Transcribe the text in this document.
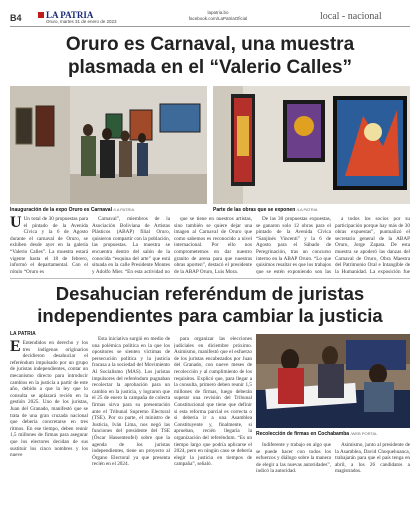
B4	LA PATRIA
Oruro, martes 31 de enero de 2023
lapatria.bo
facebook.com/LaPatriaOficial	local - nacional
Oruro es Carnaval, una muestra
plasmada en el “Valerio Calles”
Inauguración de la expo Oruro es Carnaval /LA PATRIA	Parte de las obras que se exponen /LA PATRIA

U Un total de 30 propuestas para el pintado de la Avenida Cívica y la 6 de Agosto durante el carnaval de Oruro, se exhiben desde ayer en la galería “Valerio Calles”. La muestra estará vigente hasta el 18 de febrero, informó el departamental. Con el rótulo “Oruro es

Carnaval”, miembros de la Asociación Boliviana de Artistas Plásticos (ABAP) filial Oruro, quisieron compartir con la población, las propuestas. La muestra se encuentra dentro del salón de la conocida “esquina del arte” que está situada en la calle Presidente Montes y Adolfo Mier. “En esta actividad no

que se tiene en nuestros artistas, sino también se quiere dejar una imagen al Carnaval de Oruro que como sabemos es reconocido a nivel internacional. Por ello nos comprometemos en dar nuestro granito de arena para que nuestras obras aporten”, destacó el presidente de la ABAP Oruro, Luis Mora.

De las 30 propuestas expuestas, se ganaron solo 12 obras para el pintado de la Avenida Cívica “Sanjinés Vincenti” y la 6 de Agosto para el Sábado de Peregrinación, tras un concurso interno en la ABAP Oruro. “Lo que quisimos resaltar es que los trabajos que se estén exponiendo son las

a todos los socios por su participación porque hay más de 30 obras expuestas”, puntualizó el secretario general de la ABAP Oruro, Jorge Zapata. De esta muestra se apoderó las danzas del Carnaval de Oruro, Obra Maestra del Patrimonio Oral e Intangible de la Humanidad. La exposición fue

Desahucian referéndum de juristas
independientes para cambiar la justicia
LA PATRIA

E Entendidos en derecho y los tres indígenas originarios decidieron desahuciar el referéndum impulsado por un grupo de juristas independientes, contar un mecanismo directo para introducir cambios en la justicia a partir de este año, debido a que la ley que lo consulta se aplazará recién en la gestión 2025. Uno de los juristas, Juan del Granado, manifestó que se trata de una gran cruzada nacional que debería concretarse en tres ritmos. En ese tiempo, deben reunir 1,5 millones de firmas para asegurar que los electores decidan de sus sustituir los cinco nombres y los nueve

Esta iniciativa surgió en medio de una polémica política en la que los opositores se sienten víctimas de persecución política y la justicia fracasa a la sociedad del Movimiento Al Socialismo (MAS). Los juristas impulsores del referéndum pugnaban recolectar la aprobación para un cambio en la justicia, y lograron que el 25 de enero la campaña de colecta firmas sirva para su presentación ante el Tribunal Supremo Electoral (TSE). Por su parte, el ministro de Justicia, Iván Lima, nos negó las funciones del presidente del TSE (Óscar Hassenteufel) sobre que la agenda de los juristas independientes, tiene un proyecto al Órgano Electoral ya que presenta recién en el 2024.

para organizar las elecciones judiciales en diciembre próximo. Asimismo, manifestó que el esfuerzo de los juristas encabezados por Juan del Granado, con nueve meses de recolección y al cumplimiento de los requisitos. Explicó que, para llegar a la consulta, primero deben reunir 1,5 millones de firmas, luego deberán superar una revisión del Tribunal Constitucional que tiene que definir si esta reforma parcial es correcta o si debería ir a una Asamblea Constituyente y, finalmente, si aprueban, recién llegaría la organización del referéndum. “Es un tiempo largo que podría aplicarse el 2024, pero en ningún caso se debería elegir la justicia en tiempos de campaña”, señaló.

Recolección de firmas en Cochabamba /WEB PORTAL

Indiferente y trabajo en algo que se puede hacer con todos los esfuerzos y diálogo sobre la manera de elegir a las nuevas autoridades”, indicó la autoridad.

Asimismo, junto al presidente de la Asamblea, David Choquehuanca, trabajarán para que el país tenga en abril, a los 26 candidatos a magistrados.
